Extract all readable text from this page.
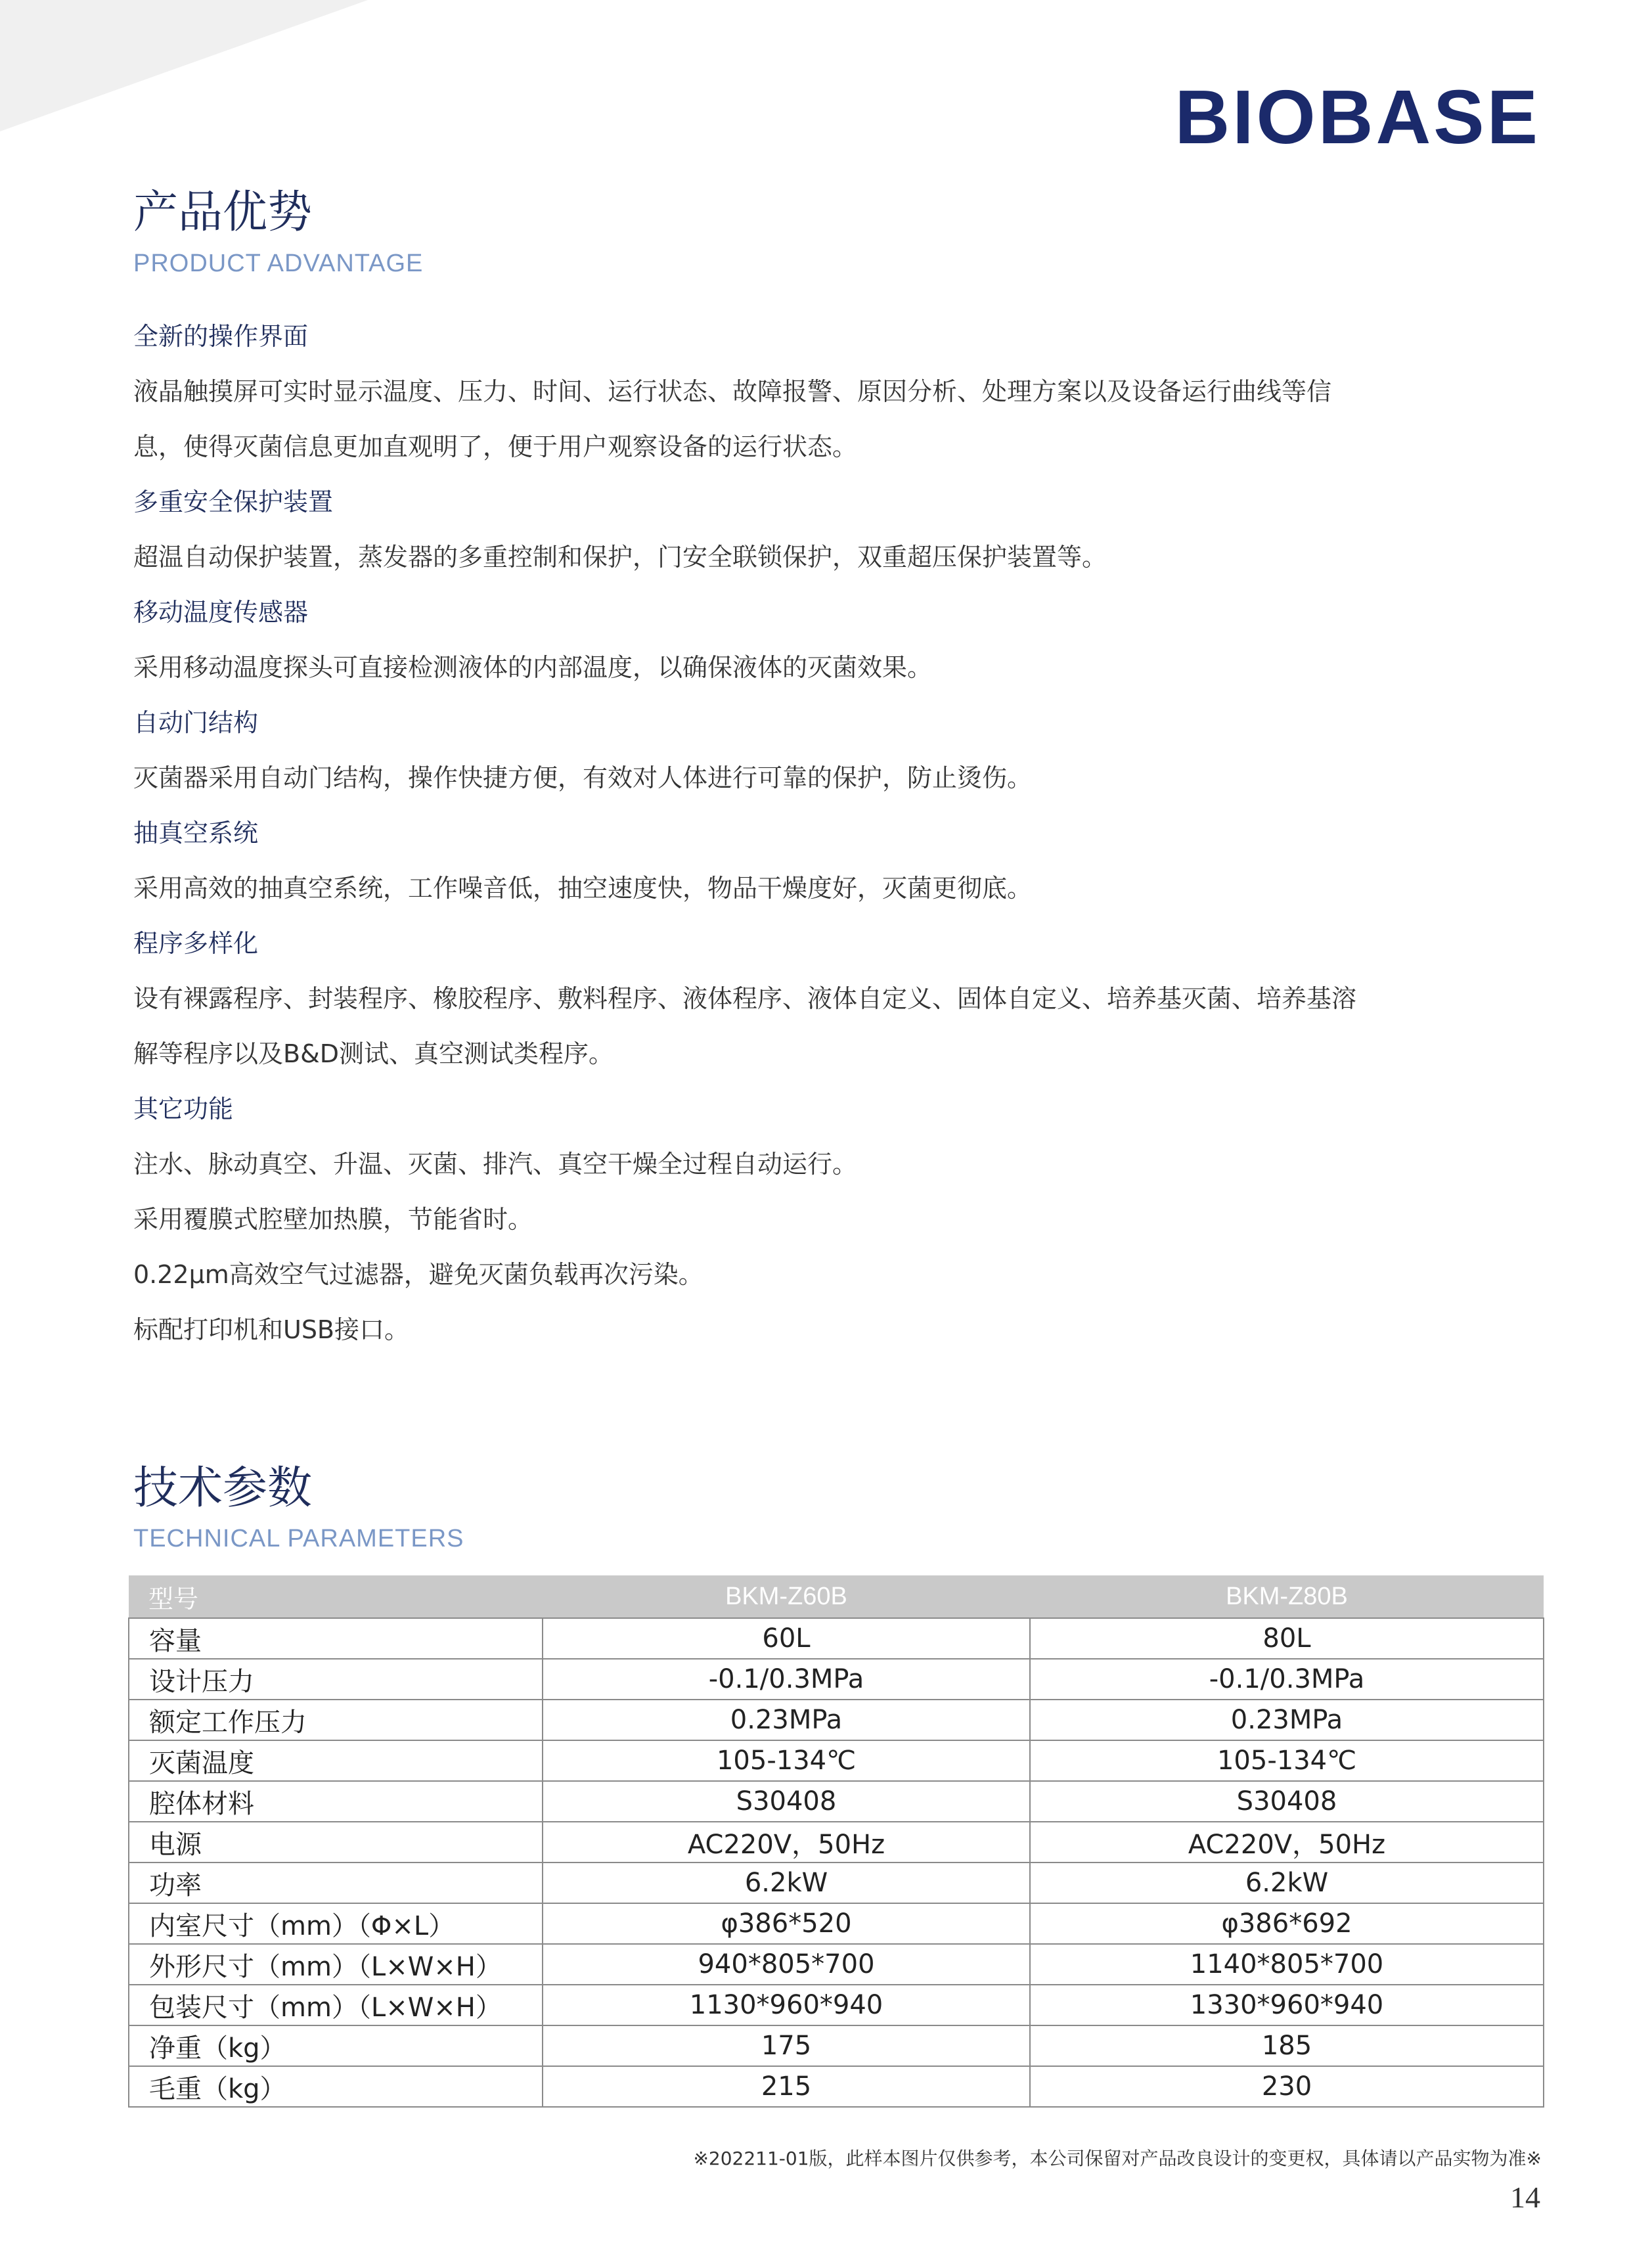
BIOBASE
产品优势
PRODUCT ADVANTAGE
全新的操作界面
液晶触摸屏可实时显示温度、压力、时间、运行状态、故障报警、原因分析、处理方案以及设备运行曲线等信
息，使得灭菌信息更加直观明了，便于用户观察设备的运行状态。
多重安全保护装置
超温自动保护装置，蒸发器的多重控制和保护，门安全联锁保护，双重超压保护装置等。
移动温度传感器
采用移动温度探头可直接检测液体的内部温度，以确保液体的灭菌效果。
自动门结构
灭菌器采用自动门结构，操作快捷方便，有效对人体进行可靠的保护，防止烫伤。
抽真空系统
采用高效的抽真空系统，工作噪音低，抽空速度快，物品干燥度好，灭菌更彻底。
程序多样化
设有裸露程序、封装程序、橡胶程序、敷料程序、液体程序、液体自定义、固体自定义、培养基灭菌、培养基溶
解等程序以及B&D测试、真空测试类程序。
其它功能
注水、脉动真空、升温、灭菌、排汽、真空干燥全过程自动运行。
采用覆膜式腔壁加热膜，节能省时。
0.22μm高效空气过滤器，避免灭菌负载再次污染。
标配打印机和USB接口。
技术参数
TECHNICAL PARAMETERS
型号	BKM-Z60B	BKM-Z80B
容量	60L	80L
设计压力	-0.1/0.3MPa	-0.1/0.3MPa
额定工作压力	0.23MPa	0.23MPa
灭菌温度	105-134℃	105-134℃
腔体材料	S30408	S30408
电源	AC220V，50Hz	AC220V，50Hz
功率	6.2kW	6.2kW
内室尺寸（mm）（Φ×L）	φ386*520	φ386*692
外形尺寸（mm）（L×W×H）	940*805*700	1140*805*700
包装尺寸（mm）（L×W×H）	1130*960*940	1330*960*940
净重（kg）	175	185
毛重（kg）	215	230
※202211-01版，此样本图片仅供参考，本公司保留对产品改良设计的变更权，具体请以产品实物为准※
14
